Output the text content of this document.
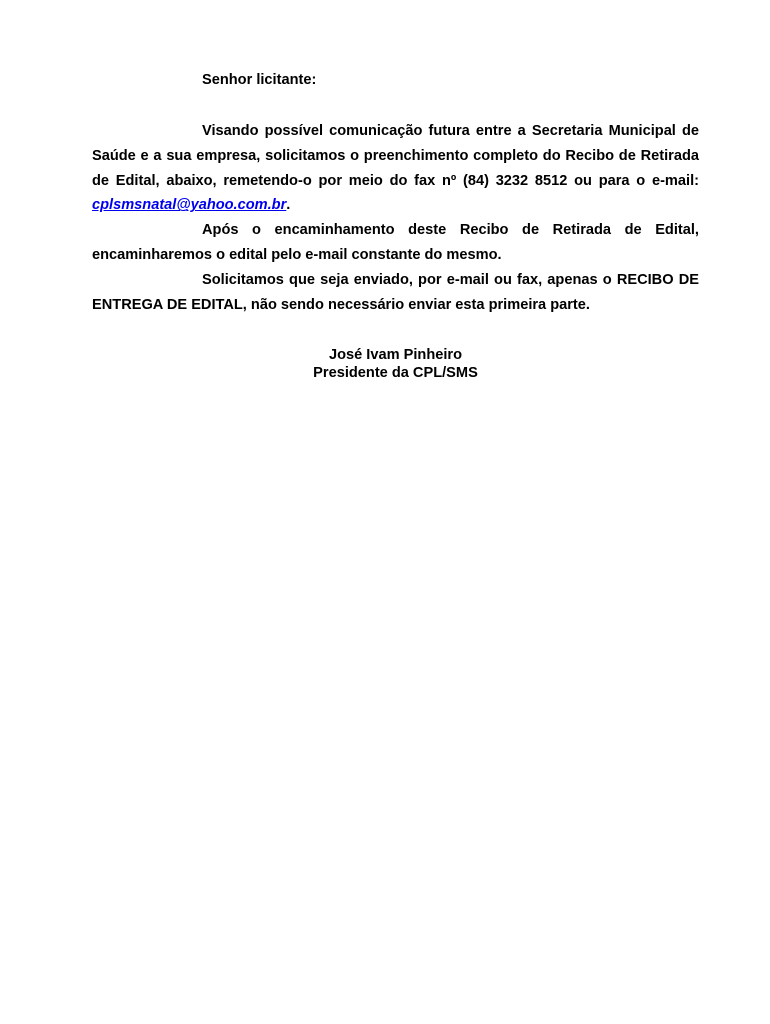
Senhor licitante:

Visando possível comunicação futura entre a Secretaria Municipal de Saúde e a sua empresa, solicitamos o preenchimento completo do Recibo de Retirada de Edital, abaixo, remetendo-o por meio do fax nº (84) 3232 8512 ou para o e-mail: cplsmsnatal@yahoo.com.br.

Após o encaminhamento deste Recibo de Retirada de Edital, encaminharemos o edital pelo e-mail constante do mesmo.

Solicitamos que seja enviado, por e-mail ou fax, apenas o RECIBO DE ENTREGA DE EDITAL, não sendo necessário enviar esta primeira parte.

José Ivam Pinheiro
Presidente da CPL/SMS
